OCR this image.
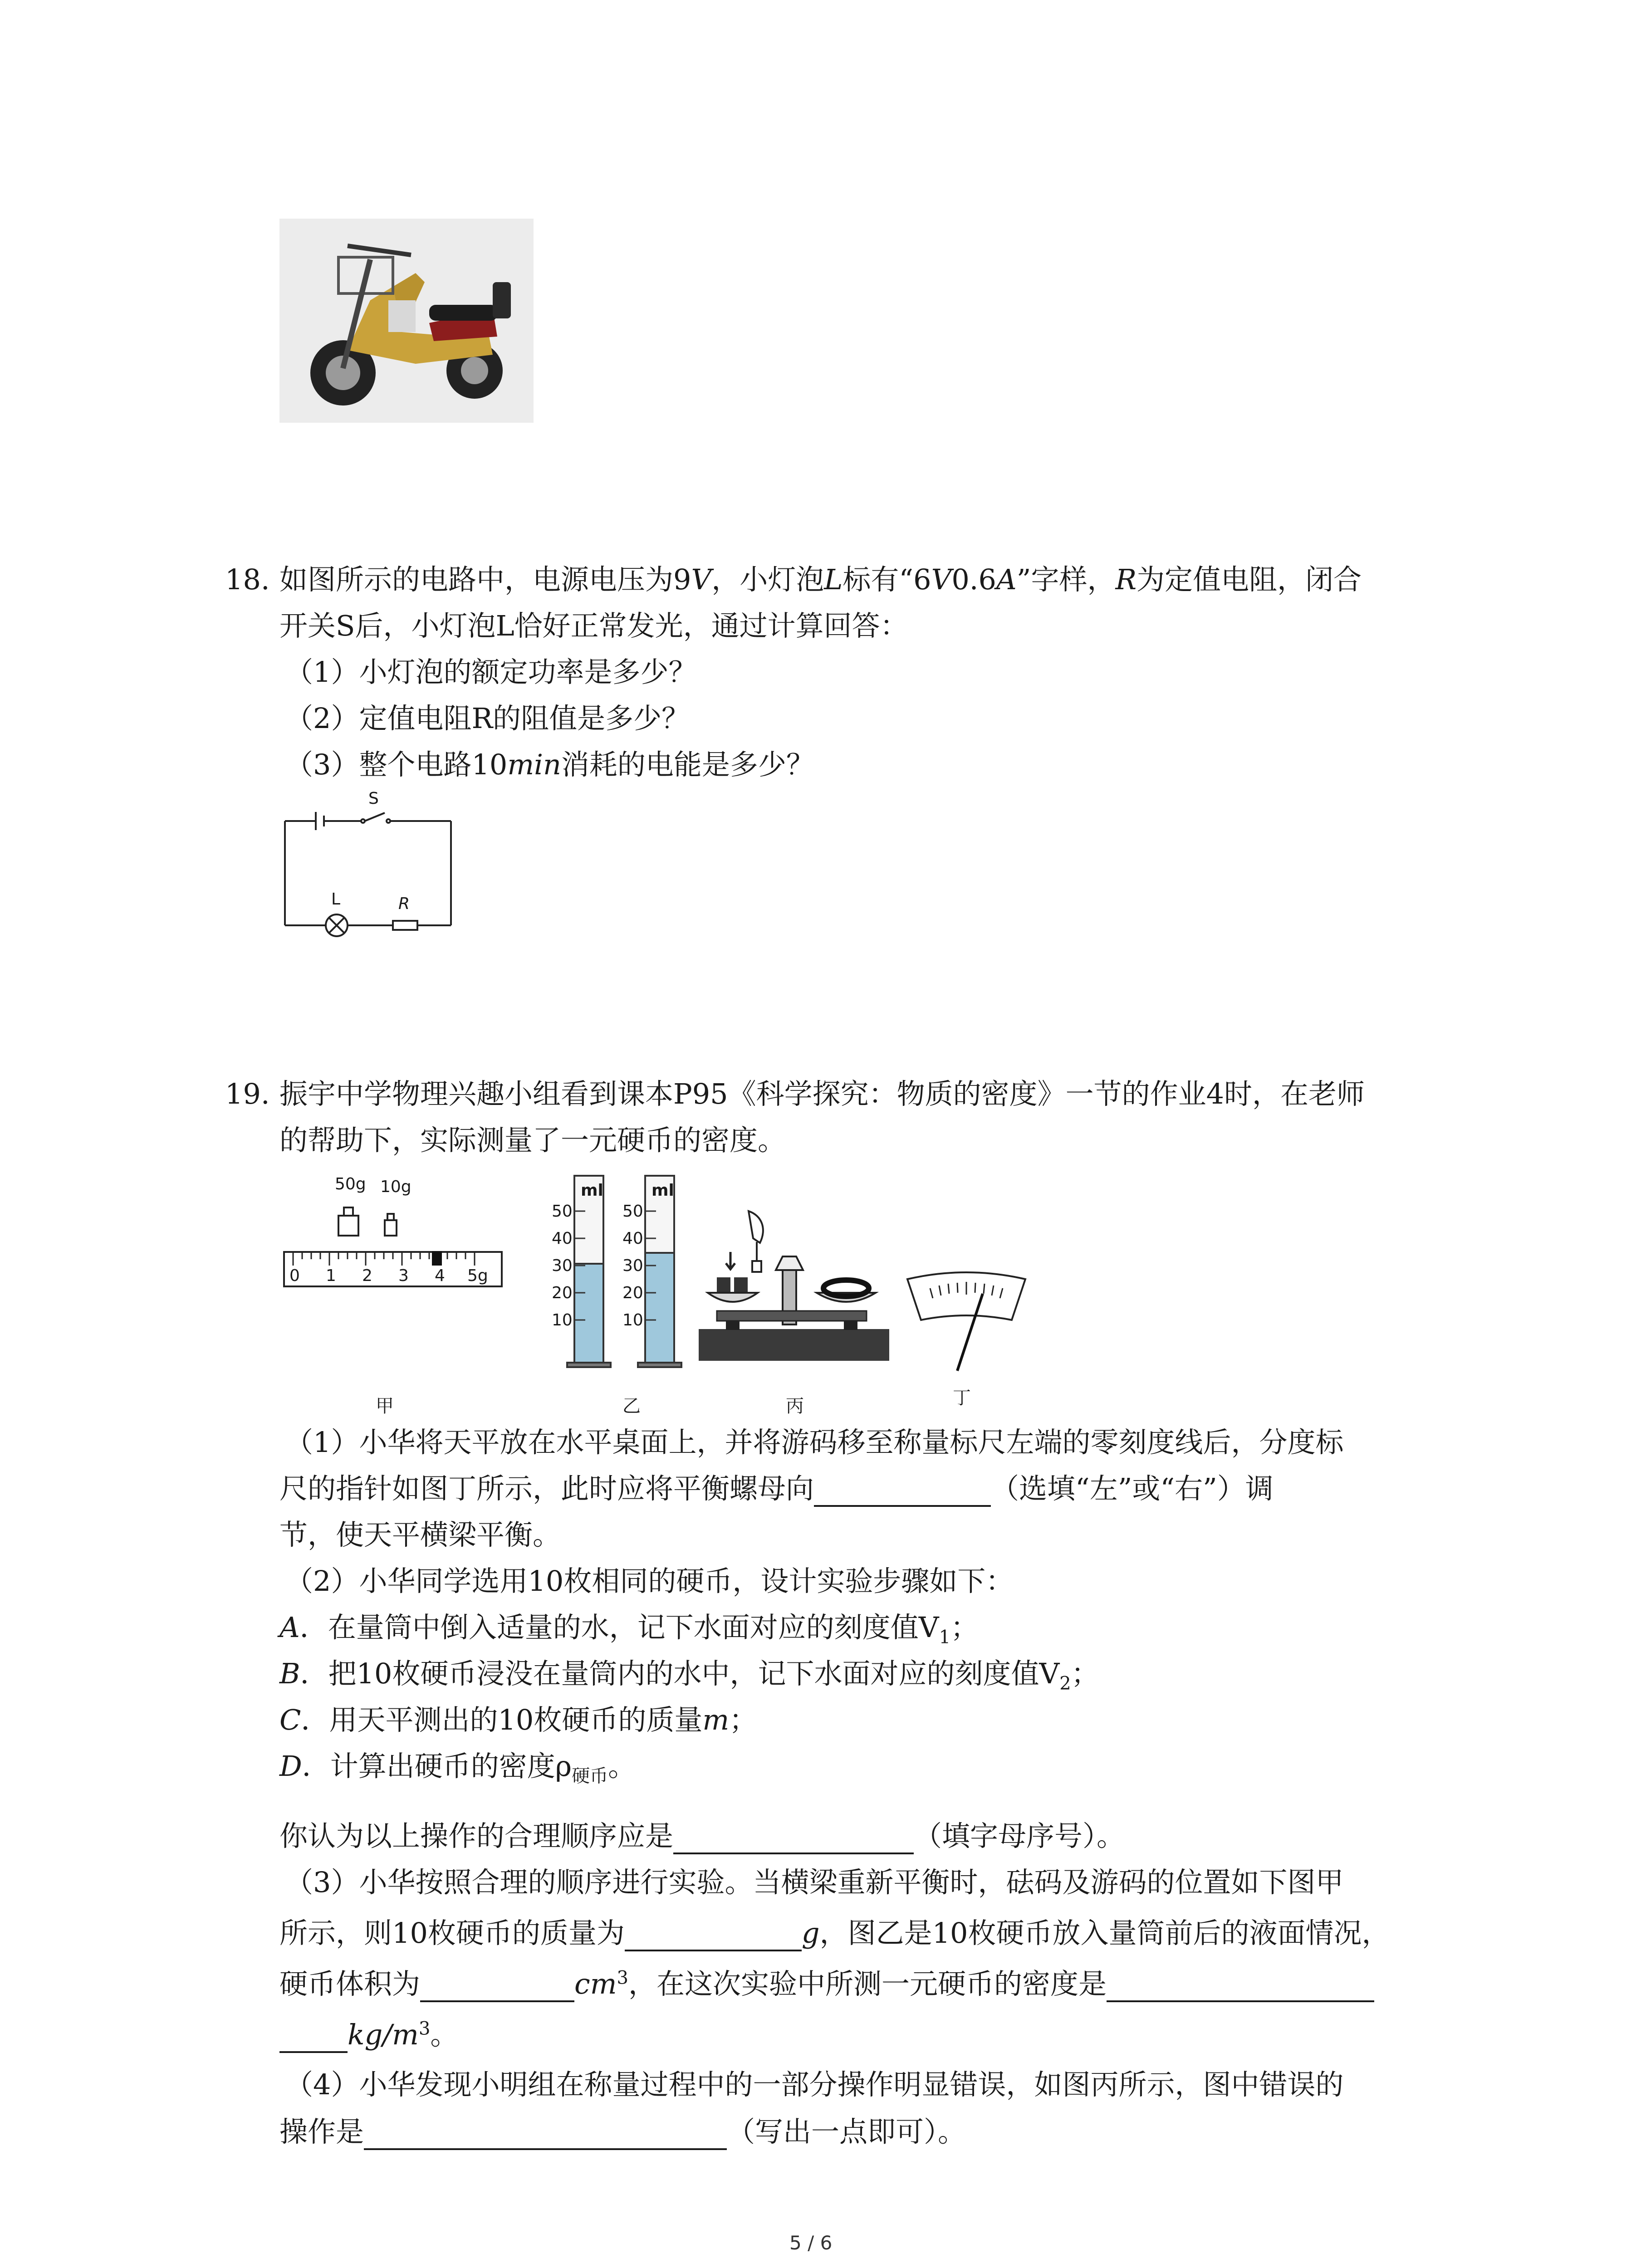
18. 如图所示的电路中，电源电压为9V，小灯泡L标有“6V0.6A”字样，R为定值电阻，闭合
开关S后，小灯泡L恰好正常发光，通过计算回答：
（1）小灯泡的额定功率是多少？
（2）定值电阻R的阻值是多少？
（3）整个电路10min消耗的电能是多少？
S
L	R
19. 振宇中学物理兴趣小组看到课本P95《科学探究：物质的密度》一节的作业4时，在老师
的帮助下，实际测量了一元硬币的密度。
50g 10g
0 1 2 3 4 5g
ml	ml
50
40
30
20
10
50
40
30
20
10
甲	乙	丙	丁
（1）小华将天平放在水平桌面上，并将游码移至称量标尺左端的零刻度线后，分度标
尺的指针如图丁所示，此时应将平衡螺母向	（选填“左”或“右”）调
节，使天平横梁平衡。
（2）小华同学选用10枚相同的硬币，设计实验步骤如下：
A．在量筒中倒入适量的水，记下水面对应的刻度值$V_1$；
B．把10枚硬币浸没在量筒内的水中，记下水面对应的刻度值$V_2$；
C．用天平测出的10枚硬币的质量m；
D．计算出硬币的密度$\rho_{硬币}$。
你认为以上操作的合理顺序应是	（填字母序号）。
（3）小华按照合理的顺序进行实验。当横梁重新平衡时，砝码及游码的位置如下图甲
所示，则10枚硬币的质量为	g，图乙是10枚硬币放入量筒前后的液面情况，
硬币体积为	$cm^3$，在这次实验中所测一元硬币的密度是
$kg/m^3$。
（4）小华发现小明组在称量过程中的一部分操作明显错误，如图丙所示，图中错误的
操作是	（写出一点即可）。
5 / 6
